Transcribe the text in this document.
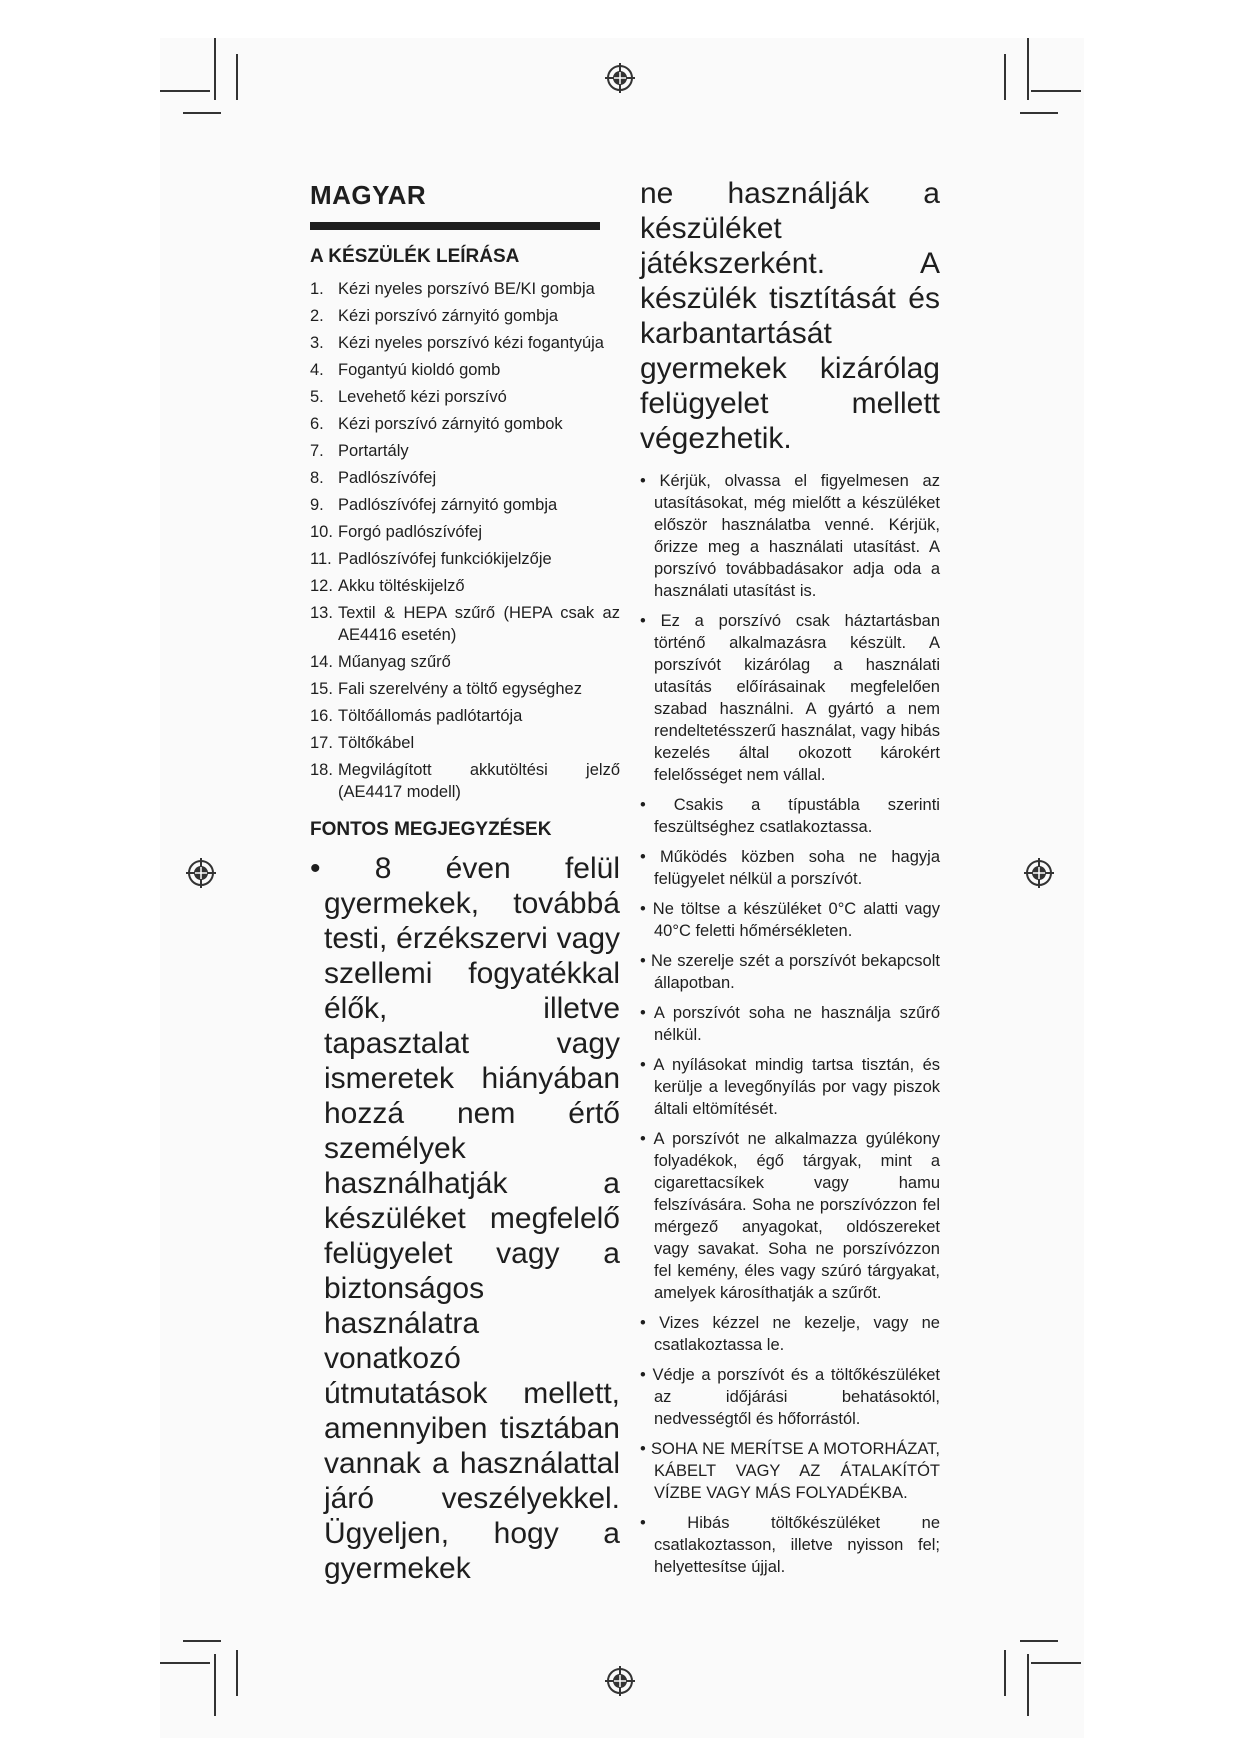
MAGYAR
A KÉSZÜLÉK LEÍRÁSA
1. Kézi nyeles porszívó BE/KI gombja
2. Kézi porszívó zárnyitó gombja
3. Kézi nyeles porszívó kézi fogantyúja
4. Fogantyú kioldó gomb
5. Levehető kézi porszívó
6. Kézi porszívó zárnyitó gombok
7. Portartály
8. Padlószívófej
9. Padlószívófej zárnyitó gombja
10. Forgó padlószívófej
11. Padlószívófej funkciókijelzője
12. Akku töltéskijelző
13. Textil & HEPA szűrő (HEPA csak az AE4416 esetén)
14. Műanyag szűrő
15. Fali szerelvény a töltő egységhez
16. Töltőállomás padlótartója
17. Töltőkábel
18. Megvilágított akkutöltési jelző (AE4417 modell)
FONTOS MEGJEGYZÉSEK
• 8 éven felül gyermekek, továbbá testi, érzékszervi vagy szellemi fogyatékkal élők, illetve tapasztalat vagy ismeretek hiányában hozzá nem értő személyek használhatják a készüléket megfelelő felügyelet vagy a biztonságos használatra vonatkozó útmutatások mellett, amennyiben tisztában vannak a használattal járó veszélyekkel. Ügyeljen, hogy a gyermekek
ne használják a készüléket játékszerként. A készülék tisztítását és karbantartását gyermekek kizárólag felügyelet mellett végezhetik.
• Kérjük, olvassa el figyelmesen az utasításokat, még mielőtt a készüléket először használatba venné. Kérjük, őrizze meg a használati utasítást. A porszívó továbbadásakor adja oda a használati utasítást is.
• Ez a porszívó csak háztartásban történő alkalmazásra készült. A porszívót kizárólag a használati utasítás előírásainak megfelelően szabad használni. A gyártó a nem rendeltetésszerű használat, vagy hibás kezelés által okozott károkért felelősséget nem vállal.
• Csakis a típustábla szerinti feszültséghez csatlakoztassa.
• Működés közben soha ne hagyja felügyelet nélkül a porszívót.
• Ne töltse a készüléket 0°C alatti vagy 40°C feletti hőmérsékleten.
• Ne szerelje szét a porszívót bekapcsolt állapotban.
• A porszívót soha ne használja szűrő nélkül.
• A nyílásokat mindig tartsa tisztán, és kerülje a levegőnyílás por vagy piszok általi eltömítését.
• A porszívót ne alkalmazza gyúlékony folyadékok, égő tárgyak, mint a cigarettacsíkek vagy hamu felszívására. Soha ne porszívózzon fel mérgező anyagokat, oldószereket vagy savakat. Soha ne porszívózzon fel kemény, éles vagy szúró tárgyakat, amelyek károsíthatják a szűrőt.
• Vizes kézzel ne kezelje, vagy ne csatlakoztassa le.
• Védje a porszívót és a töltőkészüléket az időjárási behatásoktól, nedvességtől és hőforrástól.
• SOHA NE MERÍTSE A MOTORHÁZAT, KÁBELT VAGY AZ ÁTALAKÍTÓT VÍZBE VAGY MÁS FOLYADÉKBA.
• Hibás töltőkészüléket ne csatlakoztasson, illetve nyisson fel; helyettesítse újjal.
